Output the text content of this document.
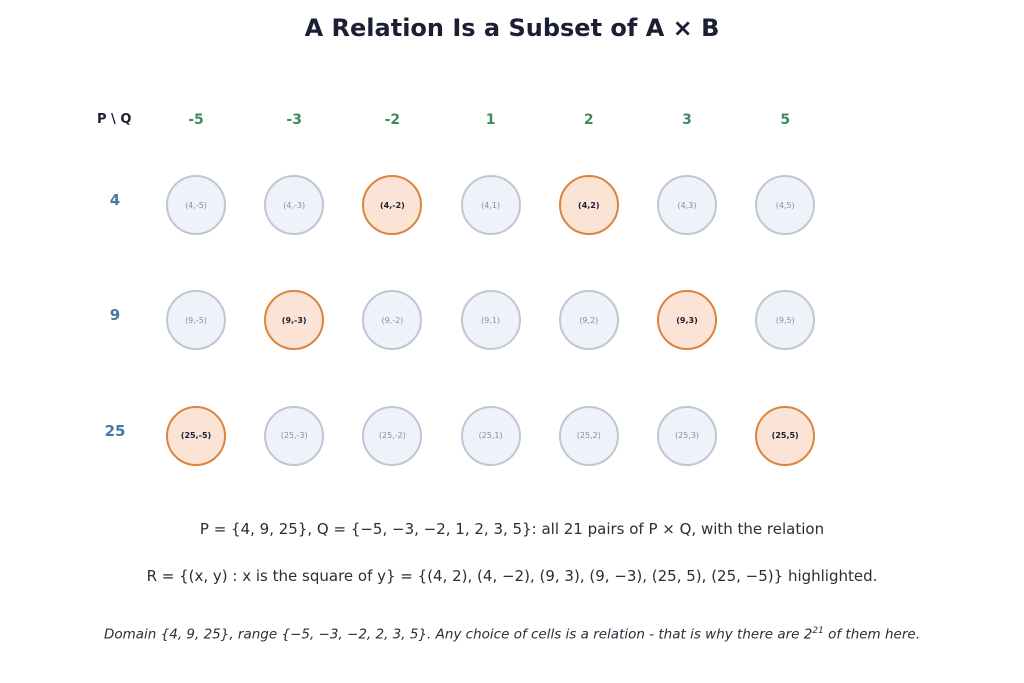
A Relation Is a Subset of A × B
P \ Q	-5	-3	-2	1	2	3	5
4	(4,-5)	(4,-3)	(4,-2)	(4,1)	(4,2)	(4,3)	(4,5)
9	(9,-5)	(9,-3)	(9,-2)	(9,1)	(9,2)	(9,3)	(9,5)
25	(25,-5)	(25,-3)	(25,-2)	(25,1)	(25,2)	(25,3)	(25,5)
P = {4, 9, 25}, Q = {−5, −3, −2, 1, 2, 3, 5}: all 21 pairs of P × Q, with the relation
R = {(x, y) : x is the square of y} = {(4, 2), (4, −2), (9, 3), (9, −3), (25, 5), (25, −5)} highlighted.
Domain {4, 9, 25}, range {−5, −3, −2, 2, 3, 5}. Any choice of cells is a relation - that is why there are $2^{21}$ of them here.
